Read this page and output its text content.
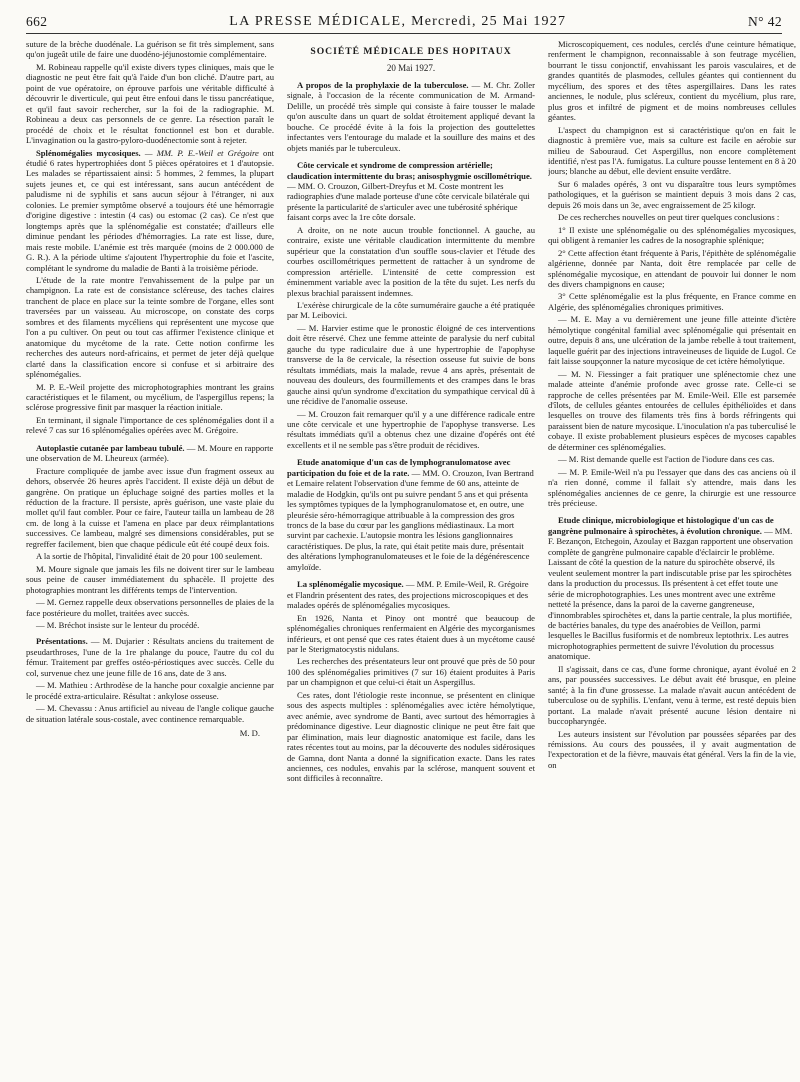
662	LA PRESSE MÉDICALE, Mercredi, 25 Mai 1927	N° 42

suture de la brèche duodénale. La guérison se fit très simplement, sans qu'on jugeât utile de faire une duodéno-jéjunostomie complémentaire.

M. Robineau rappelle qu'il existe divers types cliniques, mais que le diagnostic ne peut être fait qu'à l'aide d'un bon cliché. D'autre part, au point de vue opératoire, on éprouve parfois une véritable difficulté à découvrir le diverticule, qui peut être enfoui dans le tissu pancréatique, et qu'il faut savoir rechercher, sur la foi de la radiographie. M. Robineau a deux cas personnels de ce genre. La résection paraît le procédé de choix et le résultat fonctionnel est bon et durable. L'invagination ou la gastro-pyloro-duodénectomie sont à rejeter.

Splénomégalies mycosiques. — MM. P. E.-Weil et Grégoire ont étudié 6 rates hypertrophiées dont 5 pièces opératoires et 1 d'autopsie. Les malades se répartissaient ainsi: 5 hommes, 2 femmes, la plupart sujets jeunes et, ce qui est intéressant, sans aucun antécédent de paludisme ni de syphilis et sans aucun séjour à l'étranger, ni aux colonies. Le premier symptôme observé a toujours été une hémorragie d'origine digestive : intestin (4 cas) ou estomac (2 cas). Ce n'est que longtemps après que la splénomégalie est constatée; d'ailleurs elle diminue pendant les périodes d'hémorragies. La rate est lisse, dure, mais reste mobile. L'anémie est très marquée (moins de 2 000.000 de G. R.). A la période ultime s'ajoutent l'hypertrophie du foie et l'ascite, complétant le syndrome du maladie de Banti à la troisième période.

L'étude de la rate montre l'envahissement de la pulpe par un champignon. La rate est de consistance scléreuse, des taches claires tranchent de place en place sur la teinte sombre de l'organe, elles sont traversées par un vaisseau. Au microscope, on constate des corps sombres et des filaments mycéliens qui représentent une mycose que l'on a pu cultiver. On peut ou tout cas affirmer l'existence clinique et anatomique du mycétome de la rate. Cette notion confirme les recherches des auteurs nord-africains, et permet de jeter déjà quelque clarté dans la classification encore si confuse et si arbitraire des splénomégalies.

M. P. E.-Weil projette des microphotographies montrant les grains caractéristiques et le filament, ou mycélium, de l'aspergillus repens; la sclérose progressive finit par masquer la réaction initiale.

En terminant, il signale l'importance de ces splénomégalies dont il a relevé 7 cas sur 16 splénomégalies opérées avec M. Grégoire.

Autoplastie cutanée par lambeau tubulé. — M. Moure en rapporte une observation de M. Lheureux (armée).

Fracture compliquée de jambe avec issue d'un fragment osseux au dehors, observée 26 heures après l'accident. Il existe déjà un début de gangrène. On pratique un épluchage soigné des parties molles et la réduction de la fracture. Il persiste, après guérison, une vaste plaie du mollet qu'il faut combler. Pour ce faire, l'auteur tailla un lambeau de 28 cm. de long à la cuisse et l'amena en place par deux réimplantations successives. Ce lambeau, malgré ses dimensions considérables, put se regreffer facilement, bien que chaque pédicule eût été coupé deux fois.

A la sortie de l'hôpital, l'invalidité était de 20 pour 100 seulement.

M. Moure signale que jamais les fils ne doivent tirer sur le lambeau sous peine de causer immédiatement du sphacèle. Il projette des photographies montrant les différents temps de l'intervention.

— M. Gernez rappelle deux observations personnelles de plaies de la face postérieure du mollet, traitées avec succès.

— M. Bréchot insiste sur le lenteur du procédé.

Présentations. — M. Dujarier : Résultats anciens du traitement de pseudarthroses, l'une de la 1re phalange du pouce, l'autre du col du fémur. Traitement par greffes ostéo-périostiques avec succès. Celle du col, survenue chez une jeune fille de 16 ans, date de 3 ans.

— M. Mathieu : Arthrodèse de la hanche pour coxalgie ancienne par le procédé extra-articulaire. Résultat : ankylose osseuse.

— M. Chevassu : Anus artificiel au niveau de l'angle colique gauche de situation latérale sous-costale, avec continence remarquable.

M. D.
SOCIÉTÉ MÉDICALE DES HOPITAUX
20 Mai 1927.

A propos de la prophylaxie de la tuberculose. — M. Chr. Zoller signale, à l'occasion de la récente communication de M. Armand-Delille, un procédé très simple qui consiste à faire tousser le malade qu'on ausculte dans un quart de soldat étroitement appliqué devant la bouche. Ce procédé évite à la fois la projection des gouttelettes infectantes vers l'entourage du malade et la souillure des mains et des objets maniés par le tuberculeux.

Côte cervicale et syndrome de compression artérielle; claudication intermittente du bras; anisosphygmie oscillométrique. — MM. O. Crouzon, Gilbert-Dreyfus et M. Coste montrent les radiographies d'une malade porteuse d'une côte cervicale bilatérale qui présente la particularité de s'articuler avec une tubérosité sphérique faisant corps avec la 1re côte dorsale.

A droite, on ne note aucun trouble fonctionnel. A gauche, au contraire, existe une véritable claudication intermittente du membre supérieur que la constatation d'un souffle sous-clavier et l'étude des courbes oscillométriques permettent de rattacher à un syndrome de compression artérielle. L'intensité de cette compression est éminemment variable avec la position de la tête du sujet. Les nerfs du plexus brachial paraissent indemnes.

L'exérèse chirurgicale de la côte surnuméraire gauche a été pratiquée par M. Leibovici.

— M. Harvier estime que le pronostic éloigné de ces interventions doit être réservé. Chez une femme atteinte de paralysie du nerf cubital gauche du type radiculaire due à une hypertrophie de l'apophyse transverse de la 8e cervicale, la résection osseuse fut suivie de bons résultats immédiats, mais la malade, revue 4 ans après, présentait de nouveau des douleurs, des fourmillements et des crampes dans le bras gauche ainsi qu'un syndrome d'excitation du sympathique cervical dû à une récidive de l'anomalie osseuse.

— M. Crouzon fait remarquer qu'il y a une différence radicale entre une côte cervicale et une hypertrophie de l'apophyse transverse. Les résultats immédiats qu'il a obtenus chez une dizaine d'opérés ont été excellents et il ne semble pas s'être produit de récidives.

Etude anatomique d'un cas de lymphogranulomatose avec participation du foie et de la rate. — MM. O. Crouzon, Ivan Bertrand et Lemaire relatent l'observation d'une femme de 60 ans, atteinte de maladie de Hodgkin, qu'ils ont pu suivre pendant 5 ans et qui présenta les symptômes typiques de la lymphogranulomatose et, en outre, une pleurésie séro-hémorragique attribuable à la compression des gros troncs de la base du cœur par les ganglions médiastinaux. La mort survint par cachexie. L'autopsie montra les lésions ganglionnaires caractéristiques. De plus, la rate, qui était petite mais dure, présentait des altérations lymphogranulomateuses et le foie de la dégénérescence amyloïde.

La splénomégalie mycosique. — MM. P. Emile-Weil, R. Grégoire et Flandrin présentent des rates, des projections microscopiques et des malades opérés de splénomégalies mycosiques.

En 1926, Nanta et Pinoy ont montré que beaucoup de splénomégalies chroniques renfermaient en Algérie des mycorganismes inférieurs, et ont pensé que ces rates étaient dues à un mycétome causé par le Sterigmatocystis nidulans.

Les recherches des présentateurs leur ont prouvé que près de 50 pour 100 des splénomégalies primitives (7 sur 16) étaient produites à Paris par un champignon et que celui-ci était un Aspergillus.

Ces rates, dont l'étiologie reste inconnue, se présentent en clinique sous des aspects multiples : splénomégalies avec ictère hémolytique, avec anémie, avec syndrome de Banti, avec surtout des hémorragies à prédominance digestive. Leur diagnostic clinique ne peut être fait que par élimination, mais leur diagnostic anatomique est facile, dans les rates récentes tout au moins, par la découverte des nodules sidérosiques de Gamna, dont Nanta a donné la signification exacte. Dans les rates anciennes, ces nodules, envahis par la sclérose, manquent souvent et sont difficiles à reconnaître.

Microscopiquement, ces nodules, cerclés d'une ceinture hématique, renferment le champignon, reconnaissable à son feutrage mycélien, bourrant le tissu conjonctif, envahissant les parois vasculaires, et de grandes quantités de plasmodes, cellules géantes qui contiennent du mycélium, des spores et des têtes aspergillaires. Dans les rates anciennes, le nodule, plus scléreux, contient du mycélium, plus rare, plus gros et infiltré de pigment et de moins nombreuses cellules géantes.

L'aspect du champignon est si caractéristique qu'on en fait le diagnostic à première vue, mais sa culture est facile en aérobie sur milieu de Sabouraud. Cet Aspergillus, non encore complètement identifié, n'est pas l'A. fumigatus. La culture pousse lentement en 8 à 20 jours; blanche au début, elle devient ensuite verdâtre.

Sur 6 malades opérés, 3 ont vu disparaître tous leurs symptômes pathologiques, et la guérison se maintient depuis 3 mois dans 2 cas, depuis 26 mois dans un 3e, avec engraissement de 25 kilogr.

De ces recherches nouvelles on peut tirer quelques conclusions :

1° Il existe une splénomégalie ou des splénomégalies mycosiques, qui obligent à remanier les cadres de la nosographie splénique;

2° Cette affection étant fréquente à Paris, l'épithète de splénomégalie algérienne, donnée par Nanta, doit être remplacée par celle de splénomégalie mycosique, en attendant de pouvoir lui donner le nom des divers champignons en cause;

3° Cette splénomégalie est la plus fréquente, en France comme en Algérie, des splénomégalies chroniques primitives.

— M. E. May a vu dernièrement une jeune fille atteinte d'ictère hémolytique congénital familial avec splénomégalie qui présentait en outre, depuis 8 ans, une ulcération de la jambe rebelle à tout traitement, laquelle guérit par des injections intraveineuses de liquide de Lugol. Ce fait laisse soupçonner la nature mycosique de cet ictère hémolytique.

— M. N. Fiessinger a fait pratiquer une splénectomie chez une malade atteinte d'anémie profonde avec grosse rate. Celle-ci se rapproche de celles présentées par M. Emile-Weil. Elle est parsemée d'îlots, de cellules géantes entourées de cellules épithélioïdes et dans lesquelles on trouve des filaments très fins à bords réfringents qui paraissent bien de nature mycosique. L'inoculation n'a pas tuberculisé le cobaye. Il existe probablement plusieurs espèces de mycoses capables de déterminer ces splénomégalies.

— M. Rist demande quelle est l'action de l'iodure dans ces cas.

— M. P. Emile-Weil n'a pu l'essayer que dans des cas anciens où il n'a rien donné, comme il fallait s'y attendre, mais dans les splénomégalies anciennes de ce genre, la chirurgie est une ressource très précieuse.

Etude clinique, microbiologique et histologique d'un cas de gangrène pulmonaire à spirochètes, à évolution chronique. — MM. F. Bezançon, Etchegoin, Azoulay et Bazgan rapportent une observation complète de gangrène pulmonaire capable d'éclaircir le problème. Laissant de côté la question de la nature du spirochète observé, ils veulent seulement montrer la part indiscutable prise par les spirochètes dans la production du processus. Ils présentent à cet effet toute une série de microphotographies. Les unes montrent avec une extrême netteté la présence, dans la paroi de la caverne gangreneuse, d'innombrables spirochètes et, dans la partie centrale, la plus mortifiée, de bactéries banales, du type des anaérobies de Veillon, parmi lesquelles le Bacillus fusiformis et de nombreux leptothrix. Les autres microphotographies permettent de suivre l'évolution du processus anatomique.

Il s'agissait, dans ce cas, d'une forme chronique, ayant évolué en 2 ans, par poussées successives. Le début avait été brusque, en pleine santé; à la fin d'une grossesse. La malade n'avait aucun antécédent de tuberculose ou de syphilis. L'enfant, venu à terme, est resté depuis bien portant. La malade n'avait présenté aucune lésion dentaire ni buccopharyngée.

Les auteurs insistent sur l'évolution par poussées séparées par des rémissions. Au cours des poussées, il y avait augmentation de l'expectoration et de la fièvre, mauvais état général. Vers la fin de la vie, on
